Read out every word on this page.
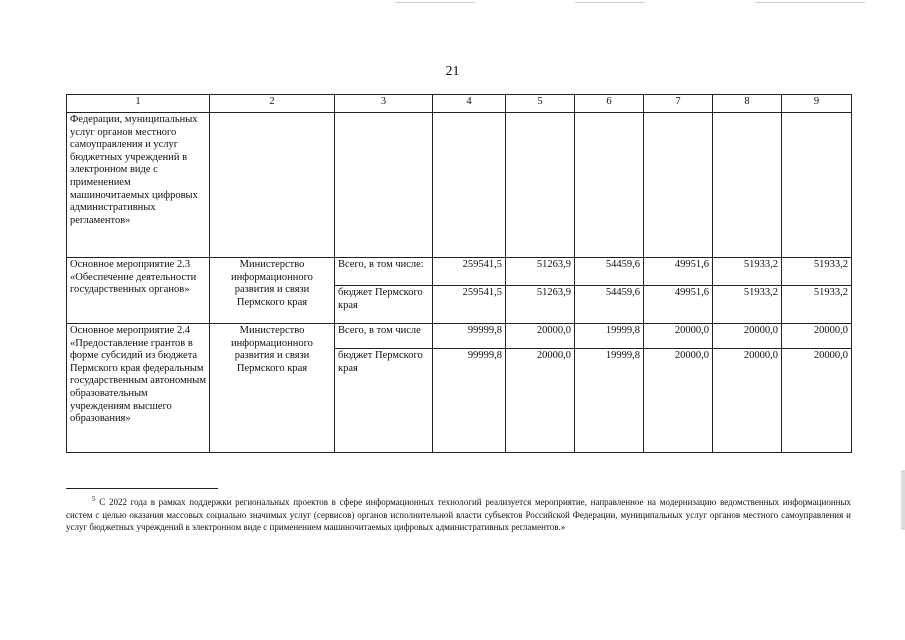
21
1	2	3	4	5	6	7	8	9
Федерации, муниципальных услуг органов местного самоуправления и услуг бюджетных учреждений в электронном виде с применением машиночитаемых цифровых административных регламентов»								
Основное мероприятие 2.3 «Обеспечение деятельности государственных органов»	Министерство информационного развития и связи Пермского края	Всего, в том числе:	259541,5	51263,9	54459,6	49951,6	51933,2	51933,2
		бюджет Пермского края	259541,5	51263,9	54459,6	49951,6	51933,2	51933,2
Основное мероприятие 2.4 «Предоставление грантов в форме субсидий из бюджета Пермского края федеральным государственным автономным образовательным учреждениям высшего образования»	Министерство информационного развития и связи Пермского края	Всего, в том числе	99999,8	20000,0	19999,8	20000,0	20000,0	20000,0
		бюджет Пермского края	99999,8	20000,0	19999,8	20000,0	20000,0	20000,0
$^5$ С 2022 года в рамках поддержки региональных проектов в сфере информационных технологий реализуется мероприятие, направленное на модернизацию ведомственных информационных систем с целью оказания массовых социально значимых услуг (сервисов) органов исполнительной власти субъектов Российской Федерации, муниципальных услуг органов местного самоуправления и услуг бюджетных учреждений в электронном виде с применением машиночитаемых цифровых административных регламентов.»
